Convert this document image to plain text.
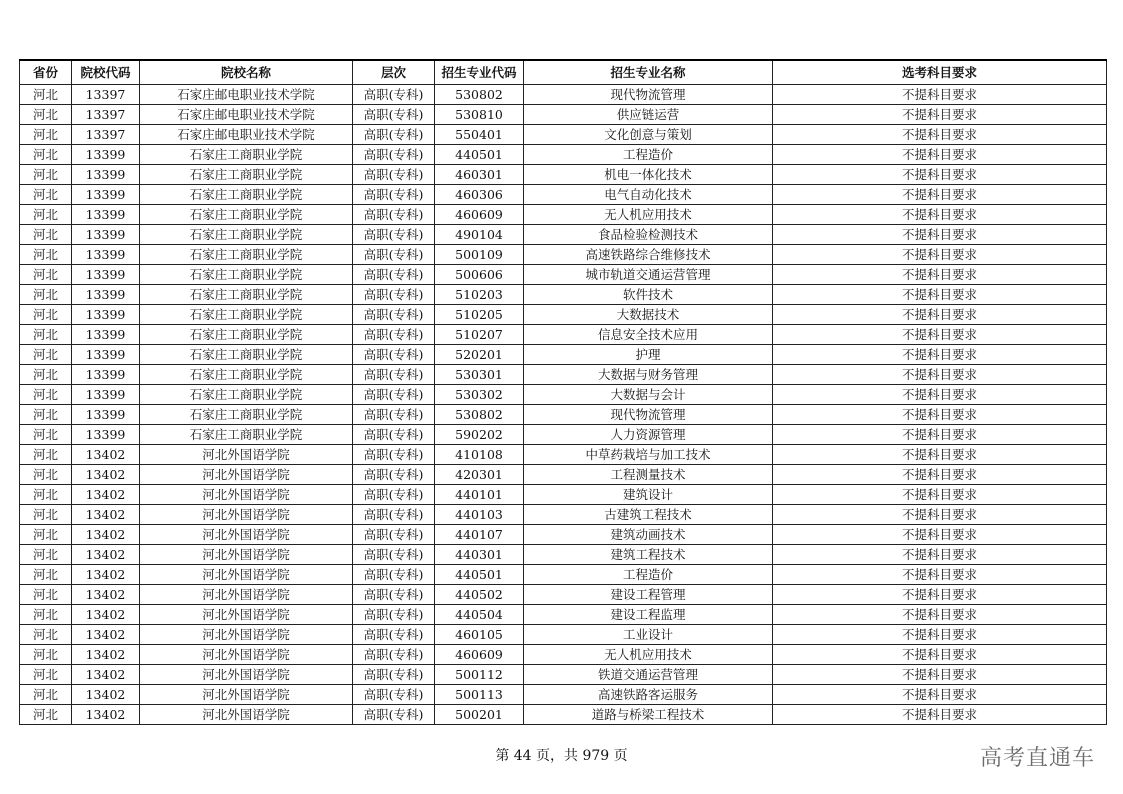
省份	院校代码	院校名称	层次	招生专业代码	招生专业名称	选考科目要求
河北	13397	石家庄邮电职业技术学院	高职(专科)	530802	现代物流管理	不提科目要求
河北	13397	石家庄邮电职业技术学院	高职(专科)	530810	供应链运营	不提科目要求
河北	13397	石家庄邮电职业技术学院	高职(专科)	550401	文化创意与策划	不提科目要求
河北	13399	石家庄工商职业学院	高职(专科)	440501	工程造价	不提科目要求
河北	13399	石家庄工商职业学院	高职(专科)	460301	机电一体化技术	不提科目要求
河北	13399	石家庄工商职业学院	高职(专科)	460306	电气自动化技术	不提科目要求
河北	13399	石家庄工商职业学院	高职(专科)	460609	无人机应用技术	不提科目要求
河北	13399	石家庄工商职业学院	高职(专科)	490104	食品检验检测技术	不提科目要求
河北	13399	石家庄工商职业学院	高职(专科)	500109	高速铁路综合维修技术	不提科目要求
河北	13399	石家庄工商职业学院	高职(专科)	500606	城市轨道交通运营管理	不提科目要求
河北	13399	石家庄工商职业学院	高职(专科)	510203	软件技术	不提科目要求
河北	13399	石家庄工商职业学院	高职(专科)	510205	大数据技术	不提科目要求
河北	13399	石家庄工商职业学院	高职(专科)	510207	信息安全技术应用	不提科目要求
河北	13399	石家庄工商职业学院	高职(专科)	520201	护理	不提科目要求
河北	13399	石家庄工商职业学院	高职(专科)	530301	大数据与财务管理	不提科目要求
河北	13399	石家庄工商职业学院	高职(专科)	530302	大数据与会计	不提科目要求
河北	13399	石家庄工商职业学院	高职(专科)	530802	现代物流管理	不提科目要求
河北	13399	石家庄工商职业学院	高职(专科)	590202	人力资源管理	不提科目要求
河北	13402	河北外国语学院	高职(专科)	410108	中草药栽培与加工技术	不提科目要求
河北	13402	河北外国语学院	高职(专科)	420301	工程测量技术	不提科目要求
河北	13402	河北外国语学院	高职(专科)	440101	建筑设计	不提科目要求
河北	13402	河北外国语学院	高职(专科)	440103	古建筑工程技术	不提科目要求
河北	13402	河北外国语学院	高职(专科)	440107	建筑动画技术	不提科目要求
河北	13402	河北外国语学院	高职(专科)	440301	建筑工程技术	不提科目要求
河北	13402	河北外国语学院	高职(专科)	440501	工程造价	不提科目要求
河北	13402	河北外国语学院	高职(专科)	440502	建设工程管理	不提科目要求
河北	13402	河北外国语学院	高职(专科)	440504	建设工程监理	不提科目要求
河北	13402	河北外国语学院	高职(专科)	460105	工业设计	不提科目要求
河北	13402	河北外国语学院	高职(专科)	460609	无人机应用技术	不提科目要求
河北	13402	河北外国语学院	高职(专科)	500112	铁道交通运营管理	不提科目要求
河北	13402	河北外国语学院	高职(专科)	500113	高速铁路客运服务	不提科目要求
河北	13402	河北外国语学院	高职(专科)	500201	道路与桥梁工程技术	不提科目要求
第 44 页，共 979 页	高考直通车
